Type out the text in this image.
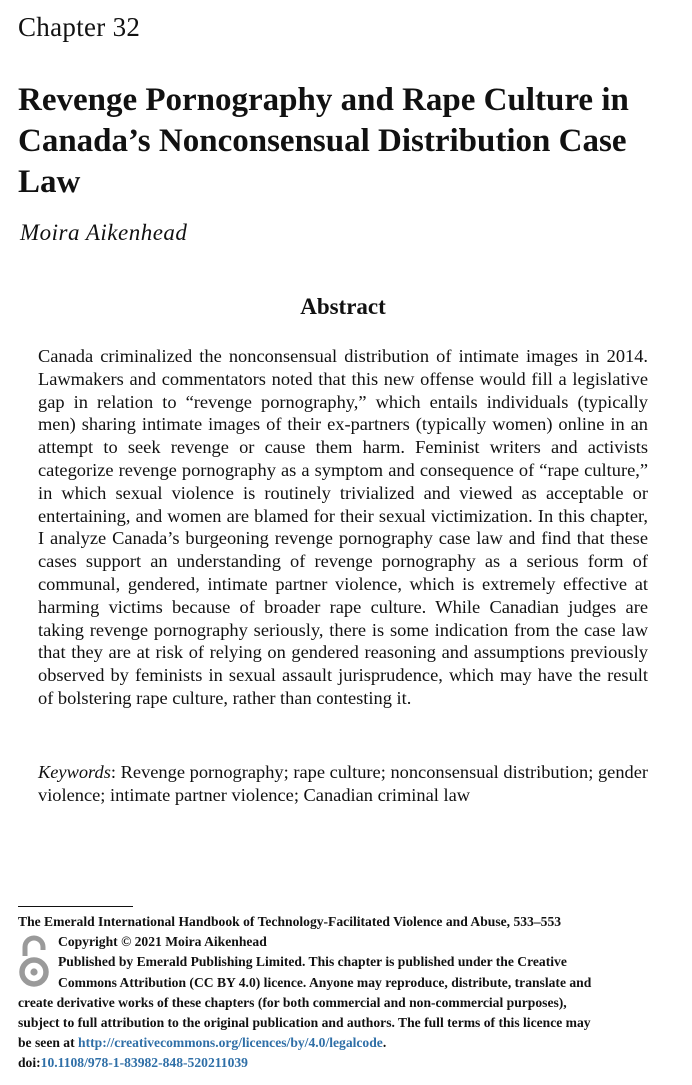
Chapter 32
Revenge Pornography and Rape Culture in Canada’s Nonconsensual Distribution Case Law
Moira Aikenhead
Abstract

Canada criminalized the nonconsensual distribution of intimate images in 2014. Lawmakers and commentators noted that this new offense would fill a legislative gap in relation to “revenge pornography,” which entails individuals (typically men) sharing intimate images of their ex-partners (typically women) online in an attempt to seek revenge or cause them harm. Feminist writers and activists categorize revenge pornography as a symptom and consequence of “rape culture,” in which sexual violence is routinely trivialized and viewed as acceptable or entertaining, and women are blamed for their sexual victimization. In this chapter, I analyze Canada’s burgeoning revenge pornography case law and find that these cases support an understanding of revenge pornography as a serious form of communal, gendered, intimate partner violence, which is extremely effective at harming victims because of broader rape culture. While Canadian judges are taking revenge pornography seriously, there is some indication from the case law that they are at risk of relying on gendered reasoning and assumptions previously observed by feminists in sexual assault jurisprudence, which may have the result of bolstering rape culture, rather than contesting it.

Keywords: Revenge pornography; rape culture; nonconsensual distribution; gender violence; intimate partner violence; Canadian criminal law

The Emerald International Handbook of Technology-Facilitated Violence and Abuse, 533–553
Copyright © 2021 Moira Aikenhead
Published by Emerald Publishing Limited. This chapter is published under the Creative
Commons Attribution (CC BY 4.0) licence. Anyone may reproduce, distribute, translate and
create derivative works of these chapters (for both commercial and non-commercial purposes),
subject to full attribution to the original publication and authors. The full terms of this licence may
be seen at http://creativecommons.org/licences/by/4.0/legalcode.
doi:10.1108/978-1-83982-848-520211039
